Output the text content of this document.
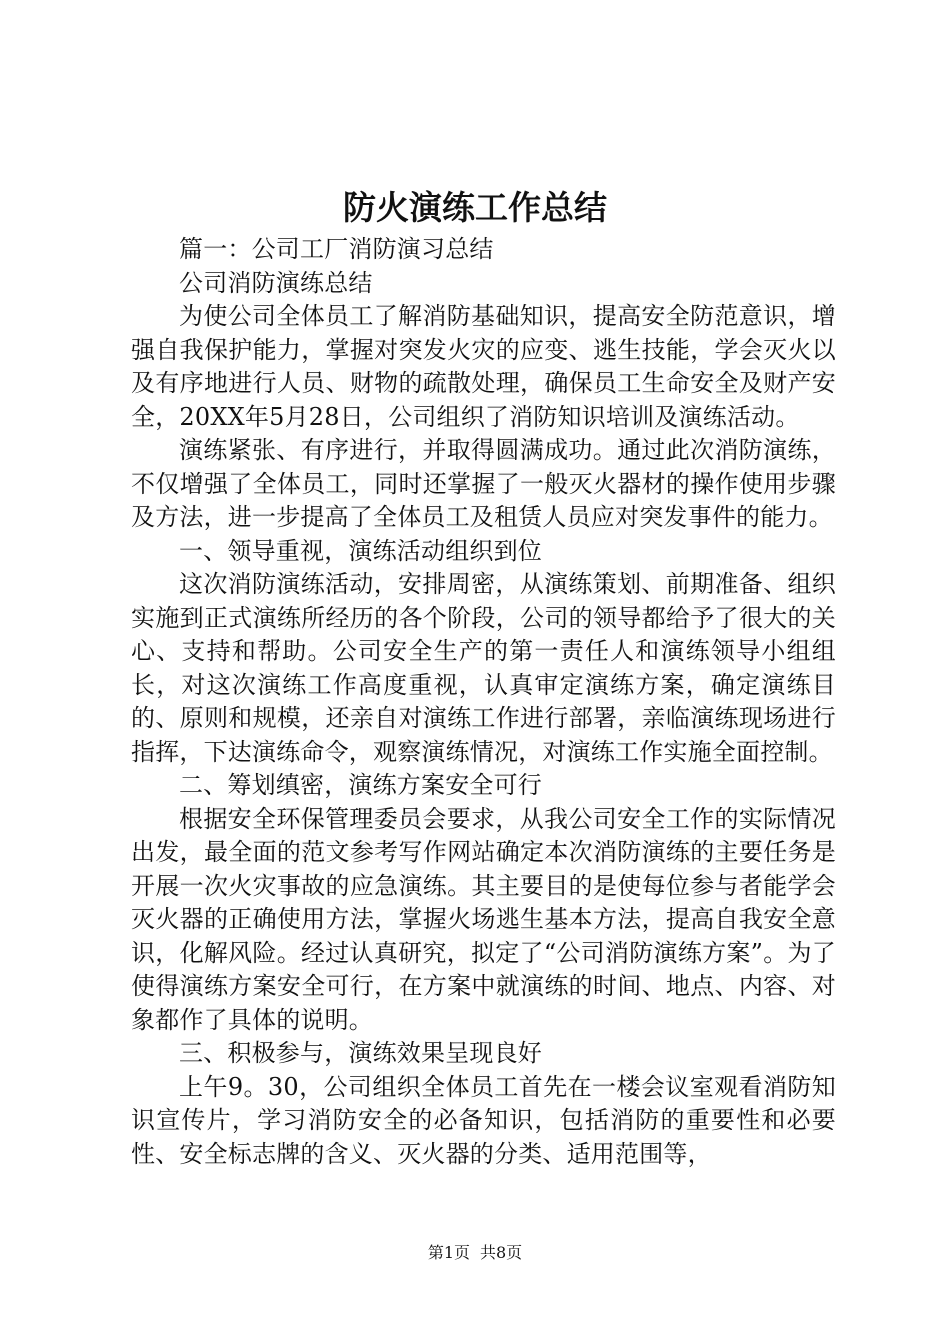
防火演练工作总结

篇一：公司工厂消防演习总结

公司消防演练总结

为使公司全体员工了解消防基础知识，提高安全防范意识，增强自我保护能力，掌握对突发火灾的应变、逃生技能，学会灭火以及有序地进行人员、财物的疏散处理，确保员工生命安全及财产安全，20XX年5月28日，公司组织了消防知识培训及演练活动。

演练紧张、有序进行，并取得圆满成功。通过此次消防演练，不仅增强了全体员工，同时还掌握了一般灭火器材的操作使用步骤及方法，进一步提高了全体员工及租赁人员应对突发事件的能力。

一、领导重视，演练活动组织到位

这次消防演练活动，安排周密，从演练策划、前期准备、组织实施到正式演练所经历的各个阶段，公司的领导都给予了很大的关心、支持和帮助。公司安全生产的第一责任人和演练领导小组组长，对这次演练工作高度重视，认真审定演练方案，确定演练目的、原则和规模，还亲自对演练工作进行部署，亲临演练现场进行指挥，下达演练命令，观察演练情况，对演练工作实施全面控制。

二、筹划缜密，演练方案安全可行

根据安全环保管理委员会要求，从我公司安全工作的实际情况出发，最全面的范文参考写作网站确定本次消防演练的主要任务是开展一次火灾事故的应急演练。其主要目的是使每位参与者能学会灭火器的正确使用方法，掌握火场逃生基本方法，提高自我安全意识，化解风险。经过认真研究，拟定了“公司消防演练方案”。为了使得演练方案安全可行，在方案中就演练的时间、地点、内容、对象都作了具体的说明。

三、积极参与，演练效果呈现良好

上午9。30，公司组织全体员工首先在一楼会议室观看消防知识宣传片，学习消防安全的必备知识，包括消防的重要性和必要性、安全标志牌的含义、灭火器的分类、适用范围等，

第1页 共8页
